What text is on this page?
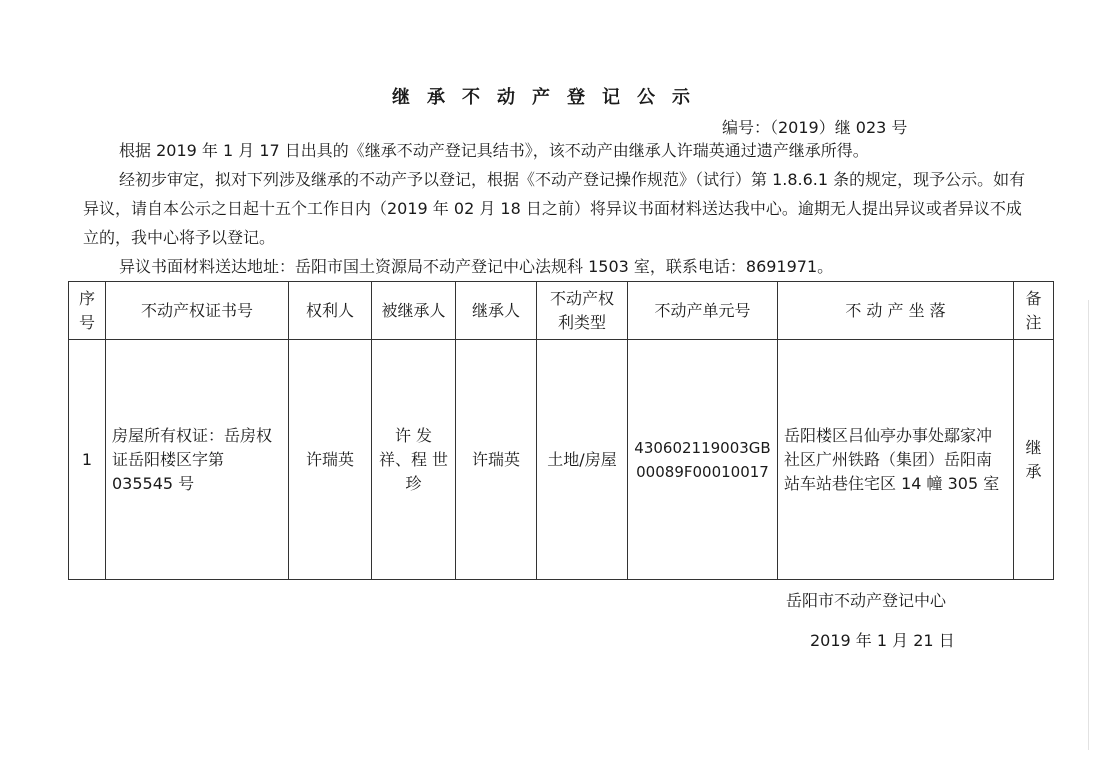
继承不动产登记公示
编号：（2019）继 023 号
根据 2019 年 1 月 17 日出具的《继承不动产登记具结书》，该不动产由继承人许瑞英通过遗产继承所得。
经初步审定，拟对下列涉及继承的不动产予以登记，根据《不动产登记操作规范》（试行）第 1.8.6.1 条的规定，现予公示。如有异议，请自本公示之日起十五个工作日内（2019 年 02 月 18 日之前）将异议书面材料送达我中心。逾期无人提出异议或者异议不成立的，我中心将予以登记。
异议书面材料送达地址：岳阳市国土资源局不动产登记中心法规科 1503 室，联系电话：8691971。
序号	不动产权证书号	权利人	被继承人	继承人	不动产权利类型	不动产单元号	不 动 产 坐 落	备注
1	房屋所有权证：岳房权证岳阳楼区字第 035545 号	许瑞英	许 发 祥、程 世珍	许瑞英	土地/房屋	430602119003GB00089F00010017	岳阳楼区吕仙亭办事处鄢家冲社区广州铁路（集团）岳阳南站车站巷住宅区 14 幢 305 室	继承
岳阳市不动产登记中心
2019 年 1 月 21 日
